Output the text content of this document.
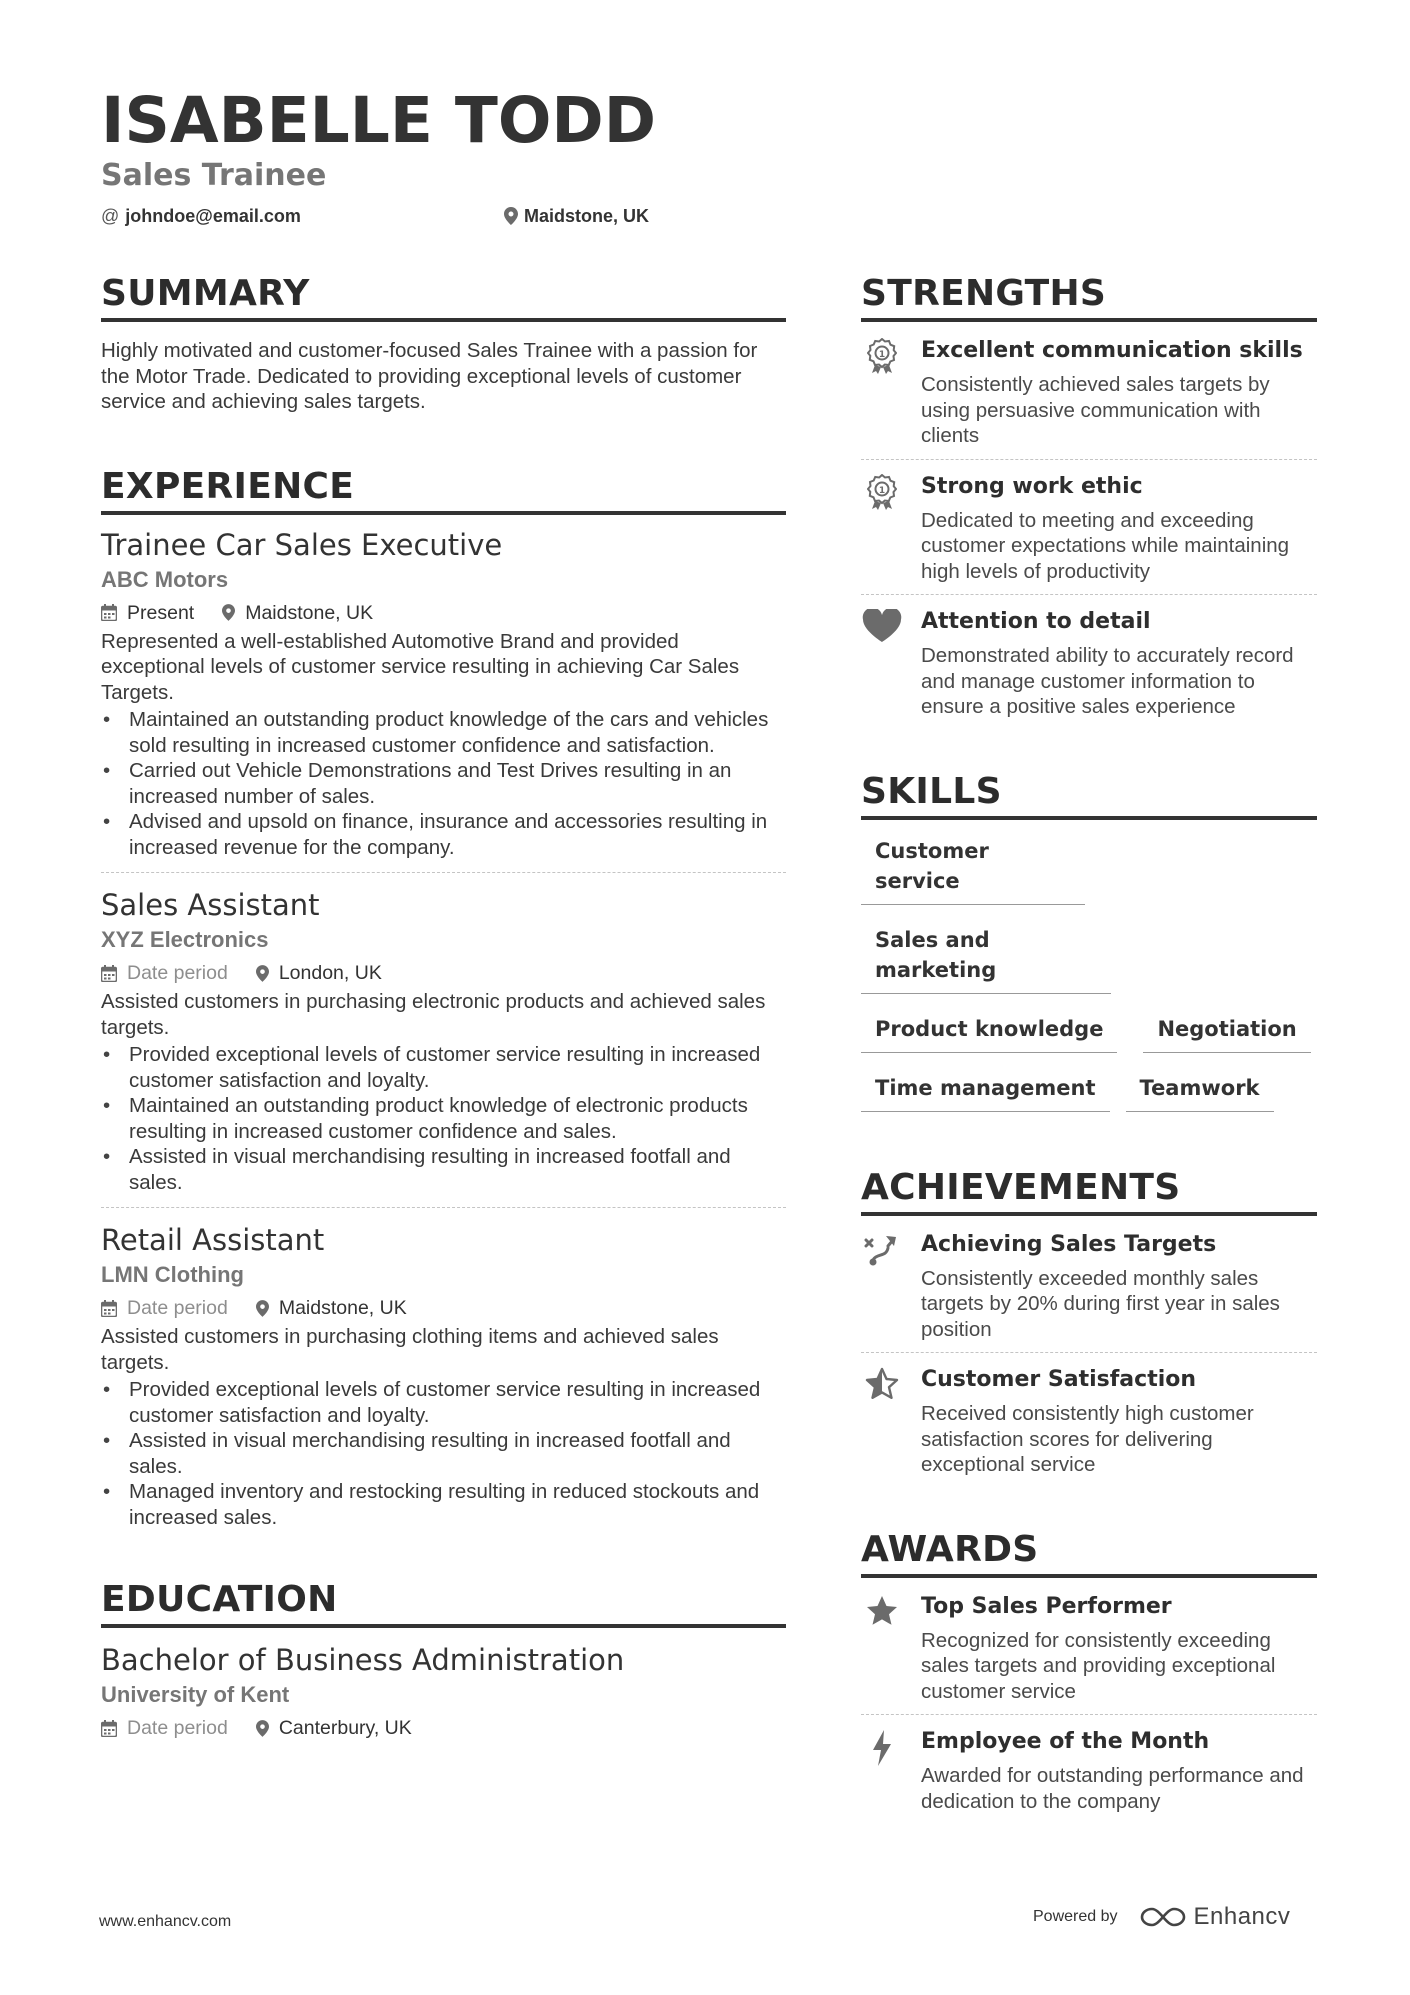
ISABELLE TODD
Sales Trainee
@ johndoe@email.com	Maidstone, UK
SUMMARY
Highly motivated and customer-focused Sales Trainee with a passion for the Motor Trade. Dedicated to providing exceptional levels of customer service and achieving sales targets.
EXPERIENCE
Trainee Car Sales Executive
ABC Motors
Present	Maidstone, UK
Represented a well-established Automotive Brand and provided exceptional levels of customer service resulting in achieving Car Sales Targets.
• Maintained an outstanding product knowledge of the cars and vehicles sold resulting in increased customer confidence and satisfaction.
• Carried out Vehicle Demonstrations and Test Drives resulting in an increased number of sales.
• Advised and upsold on finance, insurance and accessories resulting in increased revenue for the company.
Sales Assistant
XYZ Electronics
Date period	London, UK
Assisted customers in purchasing electronic products and achieved sales targets.
• Provided exceptional levels of customer service resulting in increased customer satisfaction and loyalty.
• Maintained an outstanding product knowledge of electronic products resulting in increased customer confidence and sales.
• Assisted in visual merchandising resulting in increased footfall and sales.
Retail Assistant
LMN Clothing
Date period	Maidstone, UK
Assisted customers in purchasing clothing items and achieved sales targets.
• Provided exceptional levels of customer service resulting in increased customer satisfaction and loyalty.
• Assisted in visual merchandising resulting in increased footfall and sales.
• Managed inventory and restocking resulting in reduced stockouts and increased sales.
EDUCATION
Bachelor of Business Administration
University of Kent
Date period	Canterbury, UK
STRENGTHS
1 Excellent communication skills
Consistently achieved sales targets by using persuasive communication with clients
1 Strong work ethic
Dedicated to meeting and exceeding customer expectations while maintaining high levels of productivity
Attention to detail
Demonstrated ability to accurately record and manage customer information to ensure a positive sales experience
SKILLS
Customer service
Sales and marketing
Product knowledge	Negotiation
Time management	Teamwork
ACHIEVEMENTS
Achieving Sales Targets
Consistently exceeded monthly sales targets by 20% during first year in sales position
Customer Satisfaction
Received consistently high customer satisfaction scores for delivering exceptional service
AWARDS
Top Sales Performer
Recognized for consistently exceeding sales targets and providing exceptional customer service
Employee of the Month
Awarded for outstanding performance and dedication to the company
www.enhancv.com	Powered by	Enhancv
